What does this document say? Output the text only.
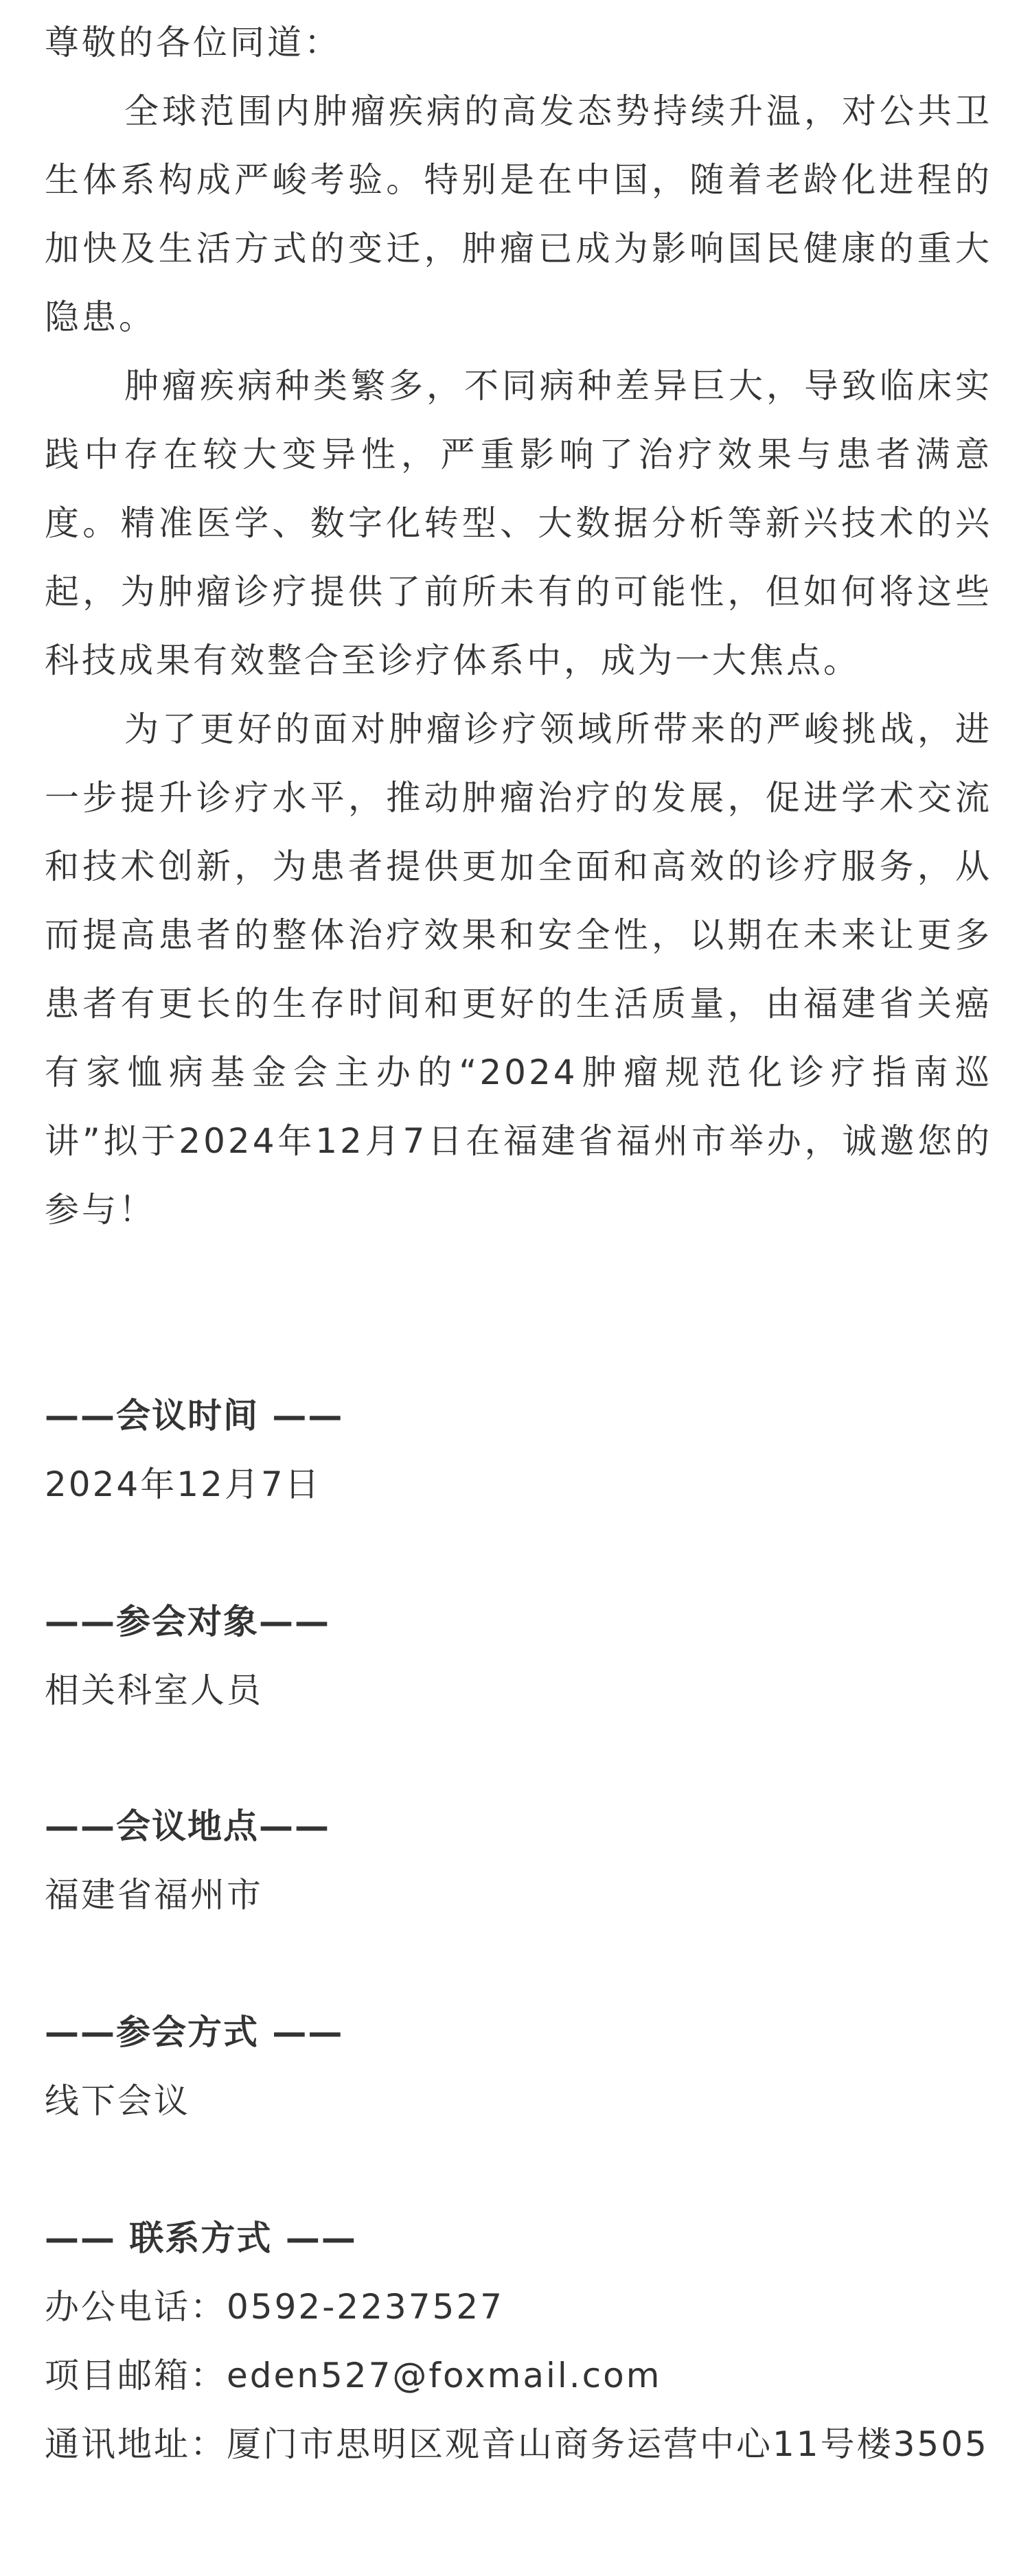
尊敬的各位同道：

全球范围内肿瘤疾病的高发态势持续升温，对公共卫生体系构成严峻考验。特别是在中国，随着老龄化进程的加快及生活方式的变迁，肿瘤已成为影响国民健康的重大隐患。

肿瘤疾病种类繁多，不同病种差异巨大，导致临床实践中存在较大变异性，严重影响了治疗效果与患者满意度。精准医学、数字化转型、大数据分析等新兴技术的兴起，为肿瘤诊疗提供了前所未有的可能性，但如何将这些科技成果有效整合至诊疗体系中，成为一大焦点。

为了更好的面对肿瘤诊疗领域所带来的严峻挑战，进一步提升诊疗水平，推动肿瘤治疗的发展，促进学术交流和技术创新，为患者提供更加全面和高效的诊疗服务，从而提高患者的整体治疗效果和安全性，以期在未来让更多患者有更长的生存时间和更好的生活质量，由福建省关癌有家恤病基金会主办的“2024肿瘤规范化诊疗指南巡讲”拟于2024年12月7日在福建省福州市举办，诚邀您的参与！

——会议时间 ——

2024年12月7日

——参会对象——

相关科室人员

——会议地点——

福建省福州市

——参会方式 ——

线下会议

—— 联系方式 ——

办公电话：0592-2237527

项目邮箱：eden527@foxmail.com

通讯地址：厦门市思明区观音山商务运营中心11号楼3505
